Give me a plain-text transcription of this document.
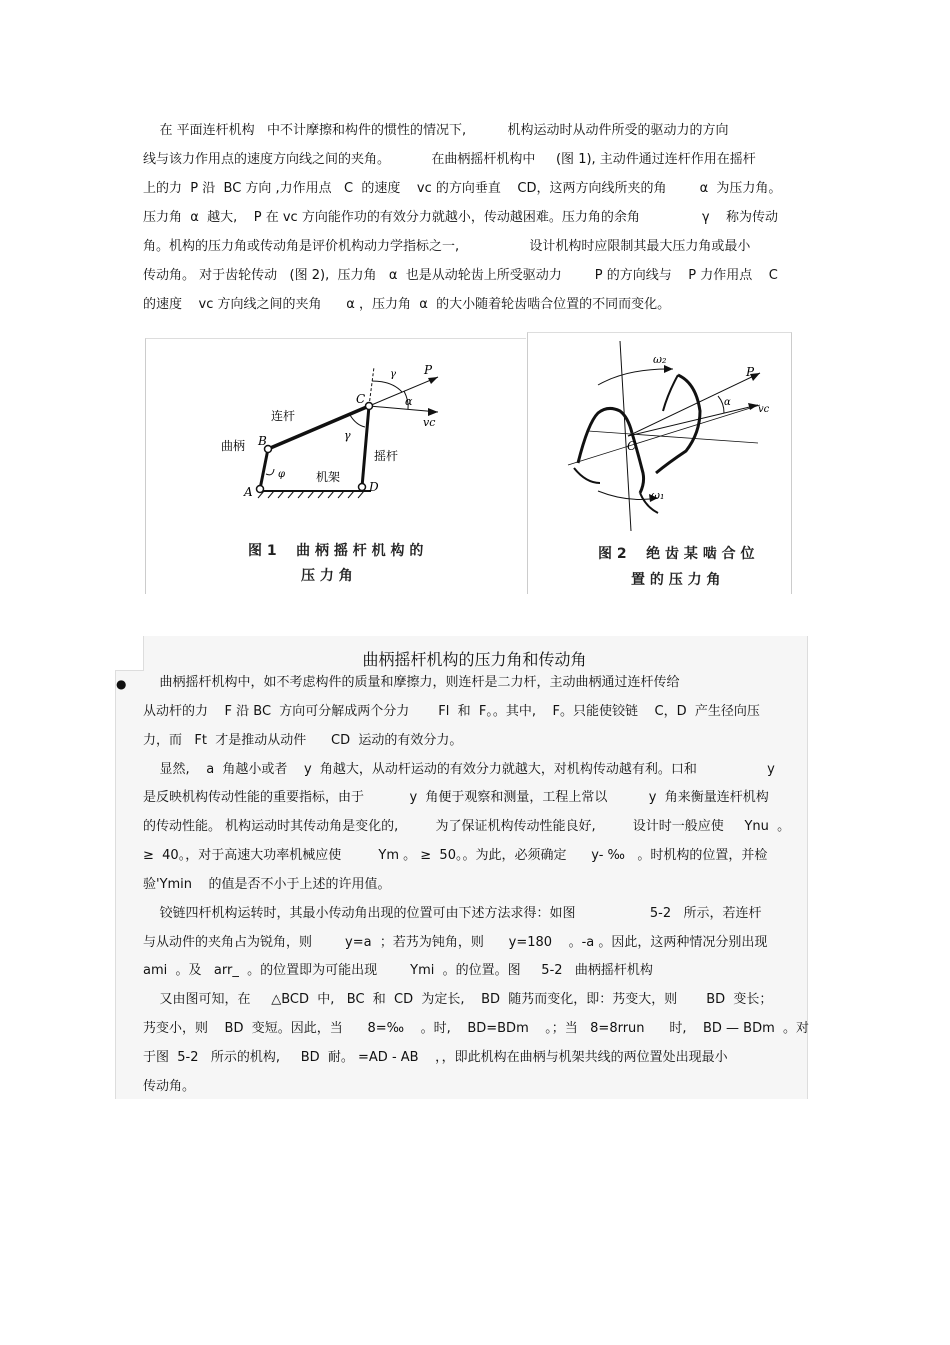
在 平面连杆机构   中不计摩擦和构件的惯性的情况下,          机构运动时从动件所受的驱动力的方向
线与该力作用点的速度方向线之间的夹角。          在曲柄摇杆机构中     (图 1), 主动件通过连杆作用在摇杆
上的力  P 沿  BC 方向 ,力作用点   C  的速度    vc 的方向垂直    CD，这两方向线所夹的角        α  为压力角。
压力角  α  越大,    P 在 vc 方向能作功的有效分力就越小，传动越困难。压力角的余角               γ    称为传动
角。机构的压力角或传动角是评价机构动力学指标之一,                 设计机构时应限制其最大压力角或最小
传动角。 对于齿轮传动   (图 2),  压力角   α  也是从动轮齿上所受驱动力        P 的方向线与    P 力作用点    C
的速度    vc 方向线之间的夹角      α ，压力角  α  的大小随着轮齿啮合位置的不同而变化。
连杆
曲柄
摇杆
机架
A
B
C
D
P
vc
α
γ
γ
φ
图 1    曲 柄 摇 杆 机 构 的
压 力 角
ω₂
ω₁
P
vc
α
C
图 2    绝 齿 某 啮 合 位
置 的 压 力 角
曲柄摇杆机构的压力角和传动角
● 曲柄摇杆机构中，如不考虑构件的质量和摩擦力，则连杆是二力杆，主动曲柄通过连杆传给
从动杆的力    F 沿 BC  方向可分解成两个分力       Fl  和  F。。其中,    F。只能使铰链    C，D  产生径向压
力，而   Ft  才是推动从动件      CD  运动的有效分力。
显然,    a  角越小或者    y  角越大，从动杆运动的有效分力就越大，对机构传动越有利。口和                 y
是反映机构传动性能的重要指标，由于           y  角便于观察和测量，工程上常以          y  角来衡量连杆机构
的传动性能。 机构运动时其传动角是变化的,         为了保证机构传动性能良好,         设计时一般应使     Ynu  。
≥  40。，对于高速大功率机械应使         Ym 。 ≥  50。。为此，必须确定      y- ‰   。时机构的位置，并检
验'Ymin    的值是否不小于上述的许用值。
铰链四杆机构运转时，其最小传动角出现的位置可由下述方法求得：如图                  5-2   所示，若连杆
与从动件的夹角占为锐角，则        y=a  ；若艿为钝角，则      y=180    。-a 。因此，这两种情况分别出现
ami  。及   arr_  。的位置即为可能出现        Ymi  。的位置。图     5-2   曲柄摇杆机构
又由图可知，在     △BCD  中,   BC  和  CD  为定长,    BD  随艿而变化，即：艿变大，则       BD  变长；
艿变小，则    BD  变短。因此，当      8=‰    。时,    BD=BDm    。；当   8=8rrun      时,    BD — BDm  。对
于图  5-2   所示的机构,     BD  耐。 =AD - AB    ，，即此机构在曲柄与机架共线的两位置处出现最小
传动角。
